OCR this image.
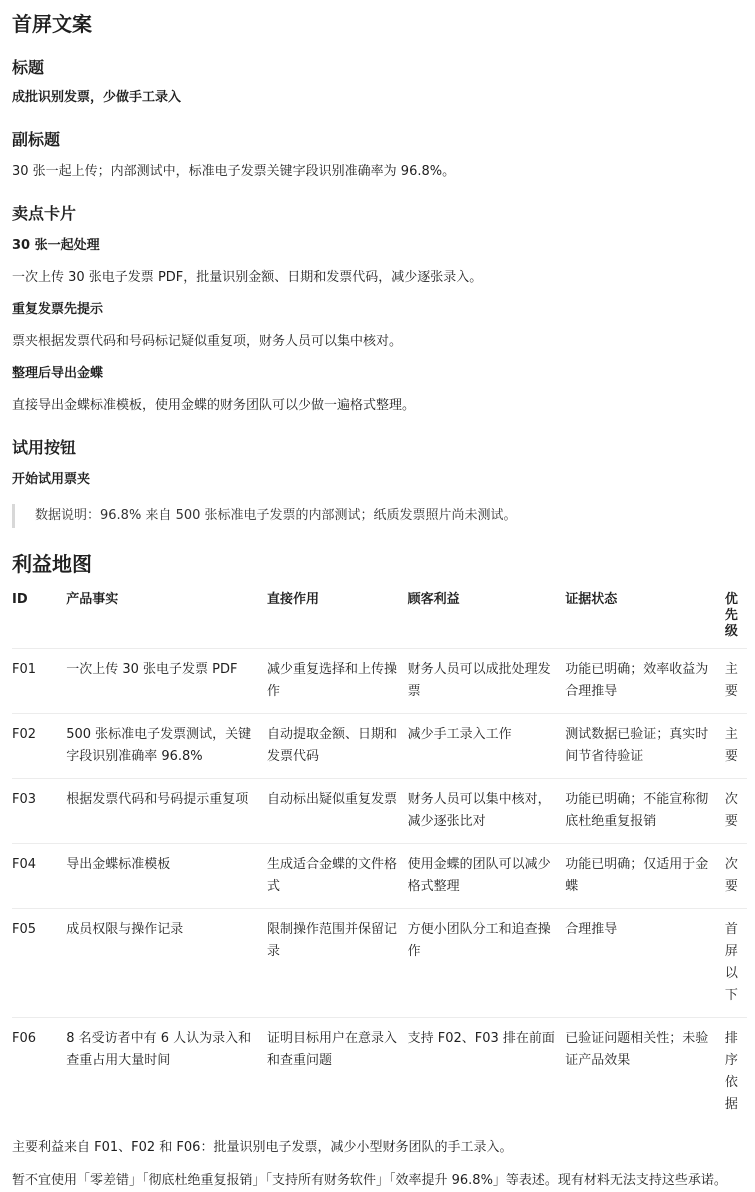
首屏文案
标题

成批识别发票，少做手工录入

副标题

30 张一起上传；内部测试中，标准电子发票关键字段识别准确率为 96.8%。

卖点卡片

30 张一起处理

一次上传 30 张电子发票 PDF，批量识别金额、日期和发票代码，减少逐张录入。

重复发票先提示

票夹根据发票代码和号码标记疑似重复项，财务人员可以集中核对。

整理后导出金蝶

直接导出金蝶标准模板，使用金蝶的财务团队可以少做一遍格式整理。

试用按钮

开始试用票夹

数据说明：96.8% 来自 500 张标准电子发票的内部测试；纸质发票照片尚未测试。
利益地图
ID	产品事实	直接作用	顾客利益	证据状态	优先级
F01	一次上传 30 张电子发票 PDF	减少重复选择和上传操作	财务人员可以成批处理发票	功能已明确；效率收益为合理推导	主要
F02	500 张标准电子发票测试，关键字段识别准确率 96.8%	自动提取金额、日期和发票代码	减少手工录入工作	测试数据已验证；真实时间节省待验证	主要
F03	根据发票代码和号码提示重复项	自动标出疑似重复发票	财务人员可以集中核对，减少逐张比对	功能已明确；不能宣称彻底杜绝重复报销	次要
F04	导出金蝶标准模板	生成适合金蝶的文件格式	使用金蝶的团队可以减少格式整理	功能已明确；仅适用于金蝶	次要
F05	成员权限与操作记录	限制操作范围并保留记录	方便小团队分工和追查操作	合理推导	首屏以下
F06	8 名受访者中有 6 人认为录入和查重占用大量时间	证明目标用户在意录入和查重问题	支持 F02、F03 排在前面	已验证问题相关性；未验证产品效果	排序依据

主要利益来自 F01、F02 和 F06：批量识别电子发票，减少小型财务团队的手工录入。

暂不宜使用「零差错」「彻底杜绝重复报销」「支持所有财务软件」「效率提升 96.8%」等表述。现有材料无法支持这些承诺。
